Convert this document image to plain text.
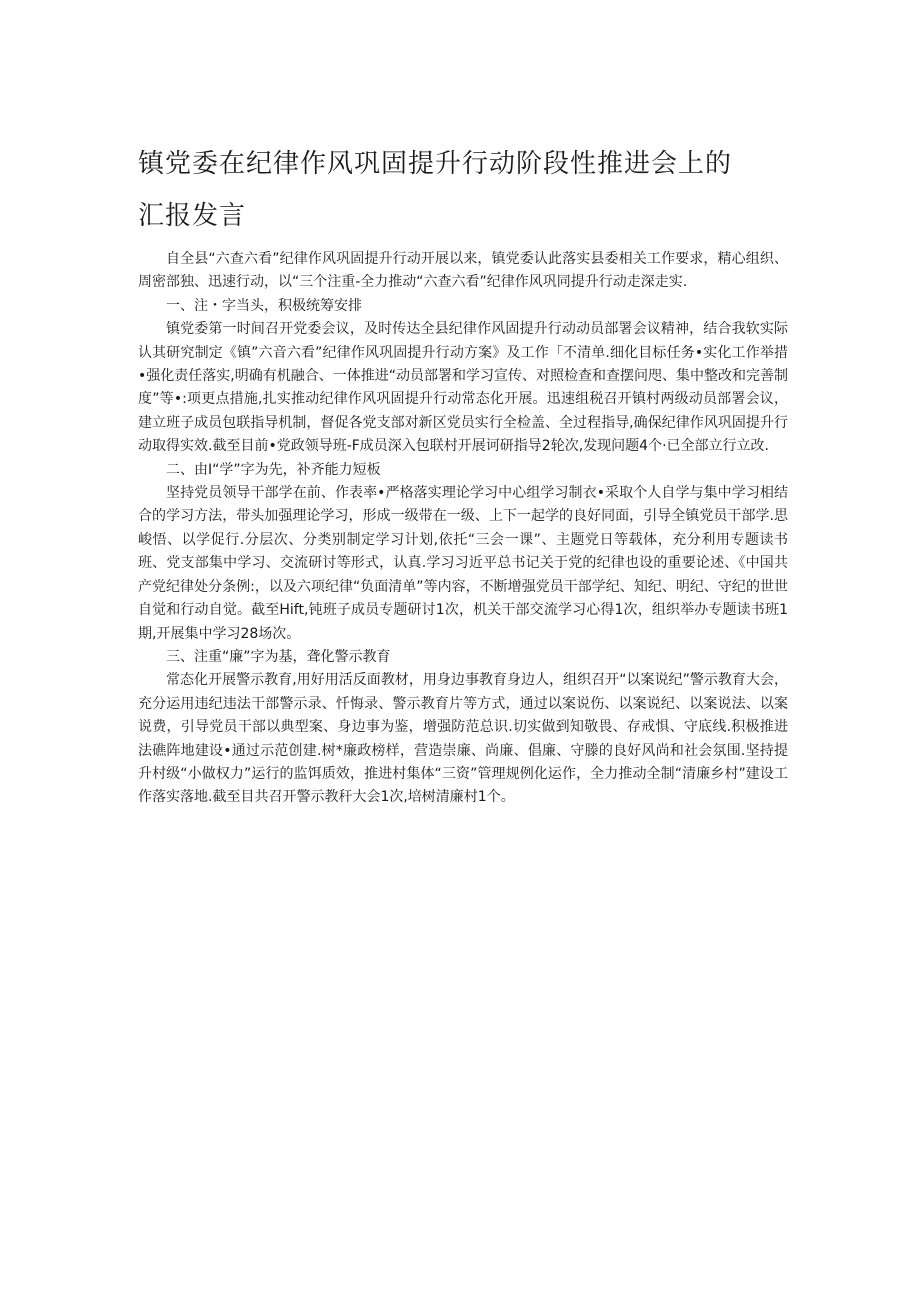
镇党委在纪律作风巩固提升行动阶段性推进会上的
汇报发言

自全县“六查六看”纪律作风巩固提升行动开展以来，镇党委认此落实县委相关工作要求，精心组织、周密部独、迅速行动，以“三个注重-全力推动“六查六看”纪律作风巩同提升行动走深走实.

一、注・字当头，积极统筹安排

镇党委第一时间召开党委会议，及时传达全县纪律作风固提升行动动员部署会议精神，结合我软实际认其研究制定《镇”六音六看”纪律作风巩固提升行动方案》及工作「不清单.细化目标任务•实化工作举措•强化责任落实,明确有机融合、一体推进“动员部署和学习宣传、对照检查和查摆问咫、集中整改和完善制度”等•:项更点措施,扎实推动纪律作风巩固提升行动常态化开展。迅速组税召开镇村两级动员部署会议，建立班子成员包联指导机制，督促各党支部对新区党员实行全检盖、全过程指导,确保纪律作风巩固提升行动取得实效.截至目前•党政领导班-F成员深入包联村开展诃研指导2轮次,发现问题4个·已全部立行立改.

二、由I“学”字为先，补齐能力短板

坚持党员领导干部学在前、作表率•严格落实理论学习中心组学习制衣•采取个人自学与集中学习相结合的学习方法，带头加强理论学习，形成一级带在一级、上下一起学的良好同面，引导全镇党员干部学.思峻悟、以学促行.分层次、分类别制定学习计划,依托“三会一课”、主题党日等载体，充分利用专题读书班、党支部集中学习、交流研讨等形式，认真.学习习近平总书记关于党的纪律也设的重要论述、《中国共产党纪律处分条例:，以及六项纪律“负面清单”等内容，不断增强党员干部学纪、知纪、明纪、守纪的世世自觉和行动自觉。截至Hift,钝班子成员专题研讨1次，机关干部交流学习心得1次，组织举办专题读书班1期,开展集中学习28场次。

三、注重“廉”字为基，聋化警示教育

常态化开展警示教育,用好用活反面教材，用身边事教育身边人，组织召开“以案说纪”警示教育大会，充分运用违纪违法干部警示录、忏悔录、警示教育片等方式，通过以案说伤、以案说纪、以案说法、以案说费，引导党员干部以典型案、身边事为鉴，增强防范总识.切实做到知敬畏、存戒惧、守底线.积极推进法礁阵地建设•通过示范创建.树*廉政榜样，营造崇廉、尚廉、倡廉、守滕的良好风尚和社会氛围.坚持提升村级“小做权力”运行的监饵质效，推进村集体“三资”管理规例化运作，全力推动全制“清廉乡村”建设工作落实落地.截至目共召开警示教秆大会1次,培树清廉村1个。
